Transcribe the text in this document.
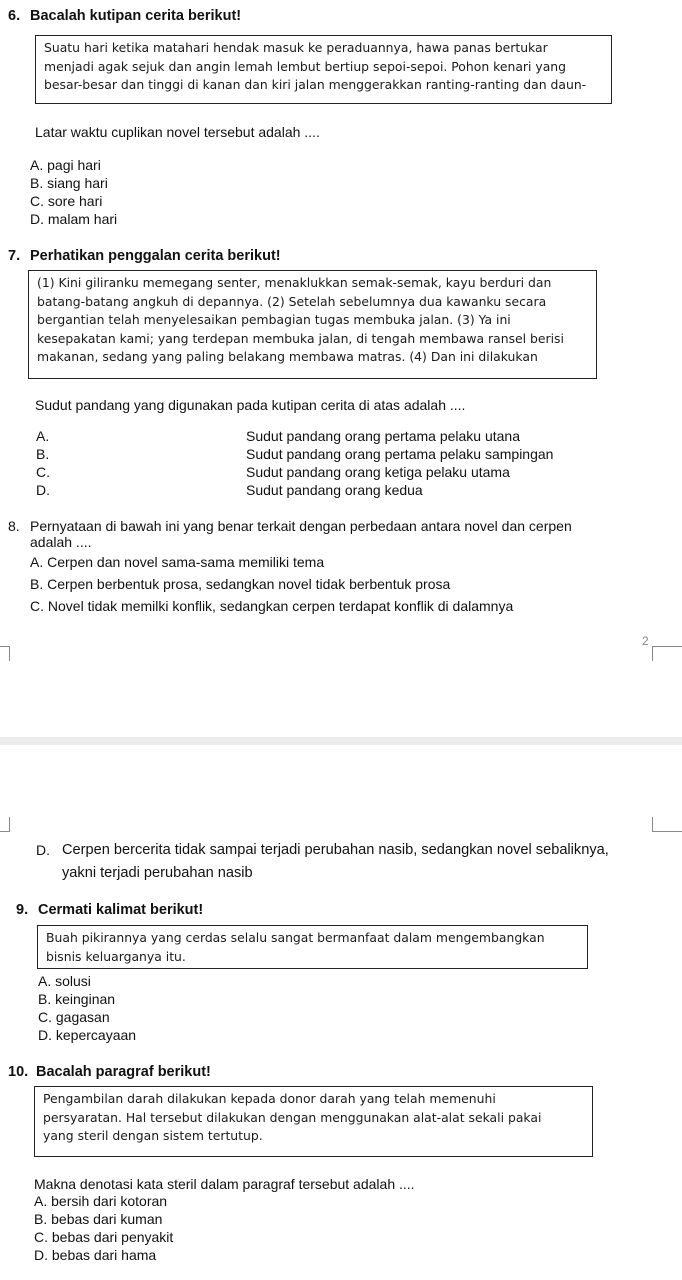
6. Bacalah kutipan cerita berikut!
Suatu hari ketika matahari hendak masuk ke peraduannya, hawa panas bertukar
menjadi agak sejuk dan angin lemah lembut bertiup sepoi-sepoi. Pohon kenari yang
besar-besar dan tinggi di kanan dan kiri jalan menggerakkan ranting-ranting dan daun-
Latar waktu cuplikan novel tersebut adalah ....
A. pagi hari
B. siang hari
C. sore hari
D. malam hari
7. Perhatikan penggalan cerita berikut!
(1) Kini giliranku memegang senter, menaklukkan semak-semak, kayu berduri dan
batang-batang angkuh di depannya. (2) Setelah sebelumnya dua kawanku secara
bergantian telah menyelesaikan pembagian tugas membuka jalan. (3) Ya ini
kesepakatan kami; yang terdepan membuka jalan, di tengah membawa ransel berisi
makanan, sedang yang paling belakang membawa matras. (4) Dan ini dilakukan
Sudut pandang yang digunakan pada kutipan cerita di atas adalah ....
A.	Sudut pandang orang pertama pelaku utana
B.	Sudut pandang orang pertama pelaku sampingan
C.	Sudut pandang orang ketiga pelaku utama
D.	Sudut pandang orang kedua
8. Pernyataan di bawah ini yang benar terkait dengan perbedaan antara novel dan cerpen
adalah ....
A. Cerpen dan novel sama-sama memiliki tema
B. Cerpen berbentuk prosa, sedangkan novel tidak berbentuk prosa
C. Novel tidak memilki konflik, sedangkan cerpen terdapat konflik di dalamnya
2
D. Cerpen bercerita tidak sampai terjadi perubahan nasib, sedangkan novel sebaliknya,
yakni terjadi perubahan nasib
9. Cermati kalimat berikut!
Buah pikirannya yang cerdas selalu sangat bermanfaat dalam mengembangkan
bisnis keluarganya itu.
A. solusi
B. keinginan
C. gagasan
D. kepercayaan
10. Bacalah paragraf berikut!
Pengambilan darah dilakukan kepada donor darah yang telah memenuhi
persyaratan. Hal tersebut dilakukan dengan menggunakan alat-alat sekali pakai
yang steril dengan sistem tertutup.
Makna denotasi kata steril dalam paragraf tersebut adalah ....
A. bersih dari kotoran
B. bebas dari kuman
C. bebas dari penyakit
D. bebas dari hama
